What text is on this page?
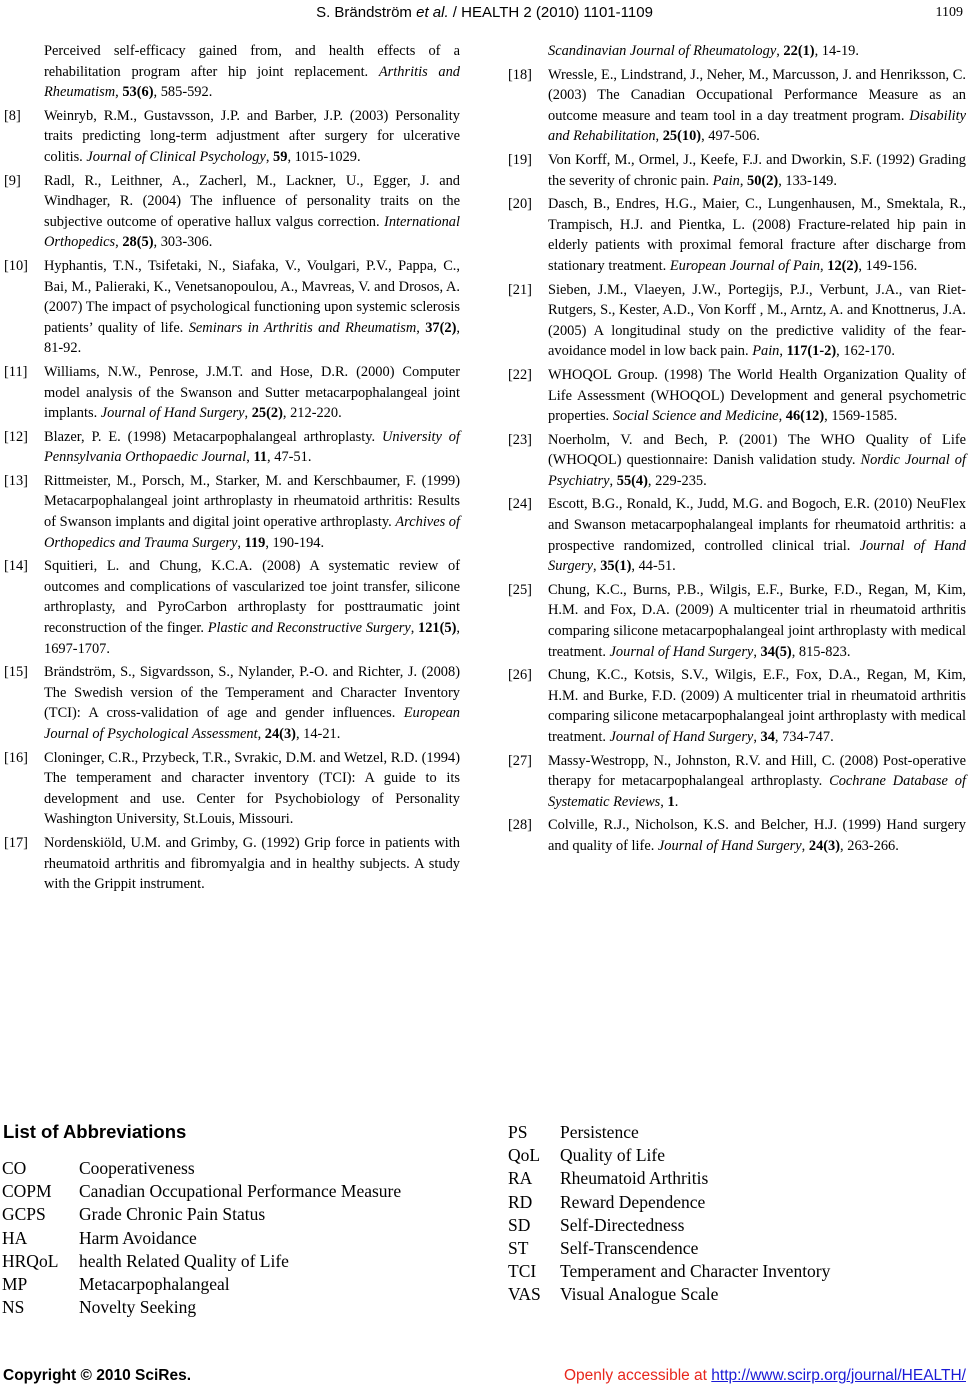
S. Brändström et al. / HEALTH 2 (2010) 1101-1109	1109
Perceived self-efficacy gained from, and health effects of a rehabilitation program after hip joint replacement. Arthritis and Rheumatism, 53(6), 585-592.
[8] Weinryb, R.M., Gustavsson, J.P. and Barber, J.P. (2003) Personality traits predicting long-term adjustment after surgery for ulcerative colitis. Journal of Clinical Psychology, 59, 1015-1029.
[9] Radl, R., Leithner, A., Zacherl, M., Lackner, U., Egger, J. and Windhager, R. (2004) The influence of personality traits on the subjective outcome of operative hallux valgus correction. International Orthopedics, 28(5), 303-306.
[10] Hyphantis, T.N., Tsifetaki, N., Siafaka, V., Voulgari, P.V., Pappa, C., Bai, M., Palieraki, K., Venetsanopoulou, A., Mavreas, V. and Drosos, A. (2007) The impact of psychological functioning upon systemic sclerosis patients’ quality of life. Seminars in Arthritis and Rheumatism, 37(2), 81-92.
[11] Williams, N.W., Penrose, J.M.T. and Hose, D.R. (2000) Computer model analysis of the Swanson and Sutter metacarpophalangeal joint implants. Journal of Hand Surgery, 25(2), 212-220.
[12] Blazer, P. E. (1998) Metacarpophalangeal arthroplasty. University of Pennsylvania Orthopaedic Journal, 11, 47-51.
[13] Rittmeister, M., Porsch, M., Starker, M. and Kerschbaumer, F. (1999) Metacarpophalangeal joint arthroplasty in rheumatoid arthritis: Results of Swanson implants and digital joint operative arthroplasty. Archives of Orthopedics and Trauma Surgery, 119, 190-194.
[14] Squitieri, L. and Chung, K.C.A. (2008) A systematic review of outcomes and complications of vascularized toe joint transfer, silicone arthroplasty, and PyroCarbon arthroplasty for posttraumatic joint reconstruction of the finger. Plastic and Reconstructive Surgery, 121(5), 1697-1707.
[15] Brändström, S., Sigvardsson, S., Nylander, P.-O. and Richter, J. (2008) The Swedish version of the Temperament and Character Inventory (TCI): A cross-validation of age and gender influences. European Journal of Psychological Assessment, 24(3), 14-21.
[16] Cloninger, C.R., Przybeck, T.R., Svrakic, D.M. and Wetzel, R.D. (1994) The temperament and character inventory (TCI): A guide to its development and use. Center for Psychobiology of Personality Washington University, St.Louis, Missouri.
[17] Nordenskiöld, U.M. and Grimby, G. (1992) Grip force in patients with rheumatoid arthritis and fibromyalgia and in healthy subjects. A study with the Grippit instrument.
Scandinavian Journal of Rheumatology, 22(1), 14-19.
[18] Wressle, E., Lindstrand, J., Neher, M., Marcusson, J. and Henriksson, C. (2003) The Canadian Occupational Performance Measure as an outcome measure and team tool in a day treatment program. Disability and Rehabilitation, 25(10), 497-506.
[19] Von Korff, M., Ormel, J., Keefe, F.J. and Dworkin, S.F. (1992) Grading the severity of chronic pain. Pain, 50(2), 133-149.
[20] Dasch, B., Endres, H.G., Maier, C., Lungenhausen, M., Smektala, R., Trampisch, H.J. and Pientka, L. (2008) Fracture-related hip pain in elderly patients with proximal femoral fracture after discharge from stationary treatment. European Journal of Pain, 12(2), 149-156.
[21] Sieben, J.M., Vlaeyen, J.W., Portegijs, P.J., Verbunt, J.A., van Riet-Rutgers, S., Kester, A.D., Von Korff , M., Arntz, A. and Knottnerus, J.A. (2005) A longitudinal study on the predictive validity of the fear-avoidance model in low back pain. Pain, 117(1-2), 162-170.
[22] WHOQOL Group. (1998) The World Health Organization Quality of Life Assessment (WHOQOL) Development and general psychometric properties. Social Science and Medicine, 46(12), 1569-1585.
[23] Noerholm, V. and Bech, P. (2001) The WHO Quality of Life (WHOQOL) questionnaire: Danish validation study. Nordic Journal of Psychiatry, 55(4), 229-235.
[24] Escott, B.G., Ronald, K., Judd, M.G. and Bogoch, E.R. (2010) NeuFlex and Swanson metacarpophalangeal implants for rheumatoid arthritis: a prospective randomized, controlled clinical trial. Journal of Hand Surgery, 35(1), 44-51.
[25] Chung, K.C., Burns, P.B., Wilgis, E.F., Burke, F.D., Regan, M, Kim, H.M. and Fox, D.A. (2009) A multicenter trial in rheumatoid arthritis comparing silicone metacarpophalangeal joint arthroplasty with medical treatment. Journal of Hand Surgery, 34(5), 815-823.
[26] Chung, K.C., Kotsis, S.V., Wilgis, E.F., Fox, D.A., Regan, M, Kim, H.M. and Burke, F.D. (2009) A multicenter trial in rheumatoid arthritis comparing silicone metacarpophalangeal joint arthroplasty with medical treatment. Journal of Hand Surgery, 34, 734-747.
[27] Massy-Westropp, N., Johnston, R.V. and Hill, C. (2008) Post-operative therapy for metacarpophalangeal arthroplasty. Cochrane Database of Systematic Reviews, 1.
[28] Colville, R.J., Nicholson, K.S. and Belcher, H.J. (1999) Hand surgery and quality of life. Journal of Hand Surgery, 24(3), 263-266.
List of Abbreviations
CO	Cooperativeness
COPM Canadian Occupational Performance Measure
GCPS Grade Chronic Pain Status
HA	Harm Avoidance
HRQoL health Related Quality of Life
MP	Metacarpophalangeal
NS	Novelty Seeking
PS Persistence
QoL Quality of Life
RA Rheumatoid Arthritis
RD Reward Dependence
SD Self-Directedness
ST Self-Transcendence
TCI Temperament and Character Inventory
VAS Visual Analogue Scale
Copyright © 2010 SciRes.	Openly accessible at http://www.scirp.org/journal/HEALTH/
